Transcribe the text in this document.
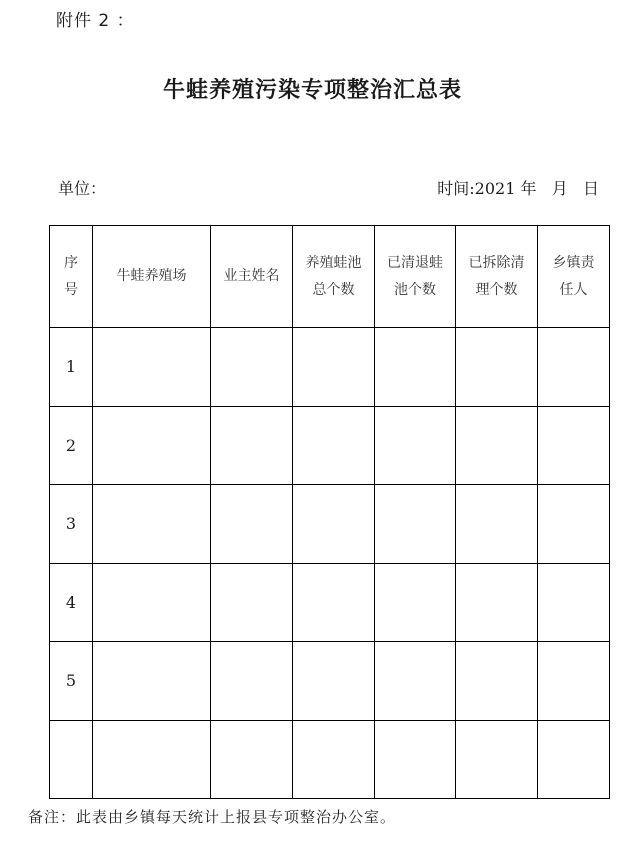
附件 2 ：
牛蛙养殖污染专项整治汇总表
单位：	时间:2021 年   月   日
序号	牛蛙养殖场	业主姓名	养殖蛙池总个数	已清退蛙池个数	已拆除清理个数	乡镇责任人
1						
2						
3						
4						
5						

备注：此表由乡镇每天统计上报县专项整治办公室。
